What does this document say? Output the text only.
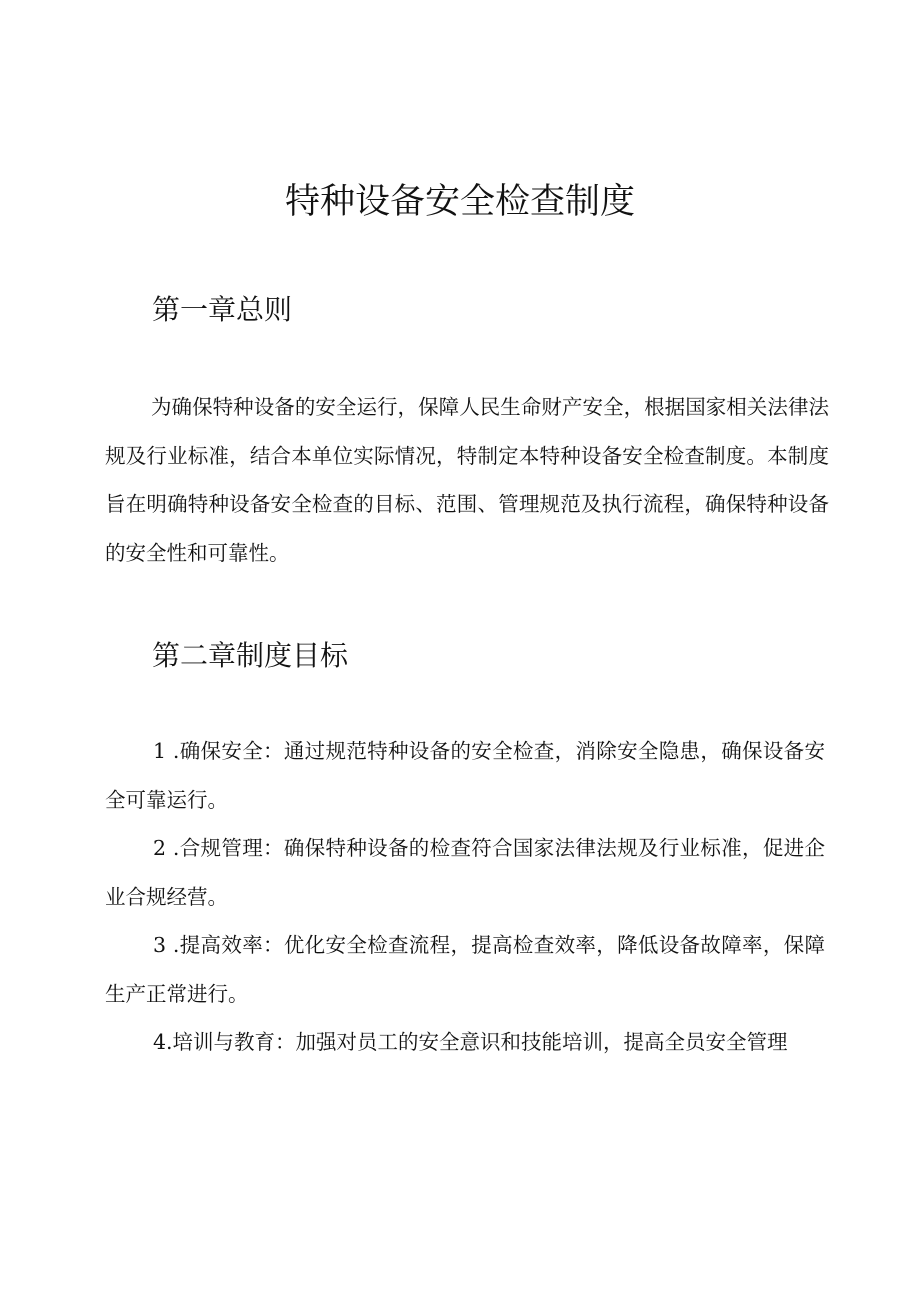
特种设备安全检查制度
第一章总则

为确保特种设备的安全运行，保障人民生命财产安全，根据国家相关法律法规及行业标准，结合本单位实际情况，特制定本特种设备安全检查制度。本制度旨在明确特种设备安全检查的目标、范围、管理规范及执行流程，确保特种设备的安全性和可靠性。

第二章制度目标

1 .确保安全：通过规范特种设备的安全检查，消除安全隐患，确保设备安全可靠运行。

2 .合规管理：确保特种设备的检查符合国家法律法规及行业标准，促进企业合规经营。

3 .提高效率：优化安全检查流程，提高检查效率，降低设备故障率，保障生产正常进行。

4.培训与教育：加强对员工的安全意识和技能培训，提高全员安全管理
